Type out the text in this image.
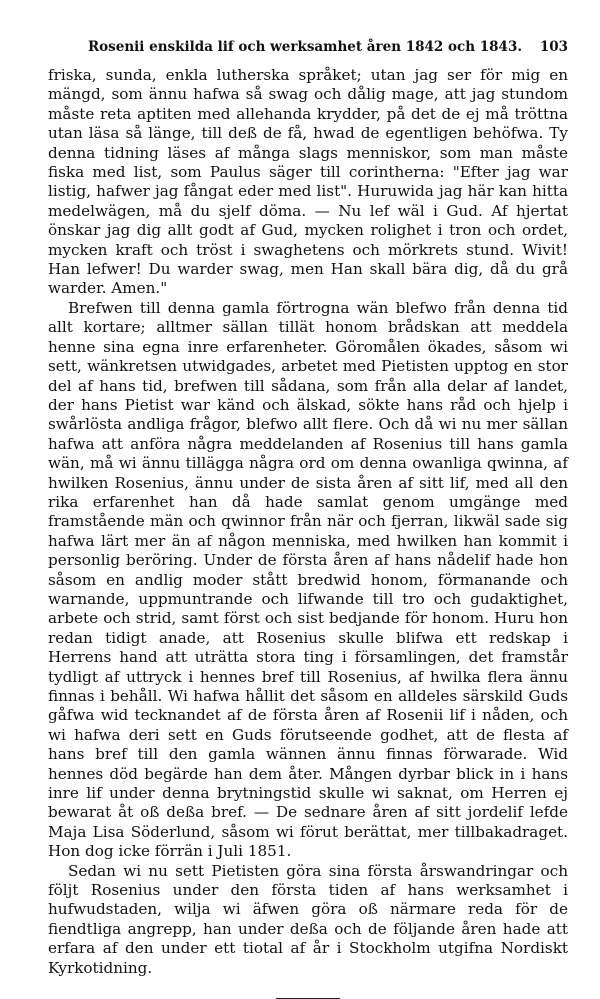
Rosenii enskilda lif och werksamhet åren 1842 och 1843.	103

friska, sunda, enkla lutherska språket; utan jag ser för mig en mängd, som ännu hafwa så swag och dålig mage, att jag stundom måste reta aptiten med allehanda krydder, på det de ej må tröttna utan läsa så länge, till deß de få, hwad de egentligen behöfwa. Ty denna tidning läses af många slags menniskor, som man måste fiska med list, som Paulus säger till corintherna: "Efter jag war listig, hafwer jag fångat eder med list". Huruwida jag här kan hitta medelwägen, må du sjelf döma. — Nu lef wäl i Gud. Af hjertat önskar jag dig allt godt af Gud, mycken rolighet i tron och ordet, mycken kraft och tröst i swaghetens och mörkrets stund. Wivit! Han lefwer! Du warder swag, men Han skall bära dig, då du grå warder. Amen."

Brefwen till denna gamla förtrogna wän blefwo från denna tid allt kortare; alltmer sällan tillät honom brådskan att meddela henne sina egna inre erfarenheter. Göromålen ökades, såsom wi sett, wänkretsen utwidgades, arbetet med Pietisten upptog en stor del af hans tid, brefwen till sådana, som från alla delar af landet, der hans Pietist war känd och älskad, sökte hans råd och hjelp i swårlösta andliga frågor, blefwo allt flere. Och då wi nu mer sällan hafwa att anföra några meddelanden af Rosenius till hans gamla wän, må wi ännu tillägga några ord om denna owanliga qwinna, af hwilken Rosenius, ännu under de sista åren af sitt lif, med all den rika erfarenhet han då hade samlat genom umgänge med framstående män och qwinnor från när och fjerran, likwäl sade sig hafwa lärt mer än af någon menniska, med hwilken han kommit i personlig beröring. Under de första åren af hans nådelif hade hon såsom en andlig moder stått bredwid honom, förmanande och warnande, uppmuntrande och lifwande till tro och gudaktighet, arbete och strid, samt först och sist bedjande för honom. Huru hon redan tidigt anade, att Rosenius skulle blifwa ett redskap i Herrens hand att uträtta stora ting i församlingen, det framstår tydligt af uttryck i hennes bref till Rosenius, af hwilka flera ännu finnas i behåll. Wi hafwa hållit det såsom en alldeles särskild Guds gåfwa wid tecknandet af de första åren af Rosenii lif i nåden, och wi hafwa deri sett en Guds förutseende godhet, att de flesta af hans bref till den gamla wännen ännu finnas förwarade. Wid hennes död begärde han dem åter. Mången dyrbar blick in i hans inre lif under denna brytningstid skulle wi saknat, om Herren ej bewarat åt oß deßa bref. — De sednare åren af sitt jordelif lefde Maja Lisa Söderlund, såsom wi förut berättat, mer tillbakadraget. Hon dog icke förrän i Juli 1851.

Sedan wi nu sett Pietisten göra sina första årswandringar och följt Rosenius under den första tiden af hans werksamhet i hufwudstaden, wilja wi äfwen göra oß närmare reda för de fiendtliga angrepp, han under deßa och de följande åren hade att erfara af den under ett tiotal af år i Stockholm utgifna Nordiskt Kyrkotidning.
